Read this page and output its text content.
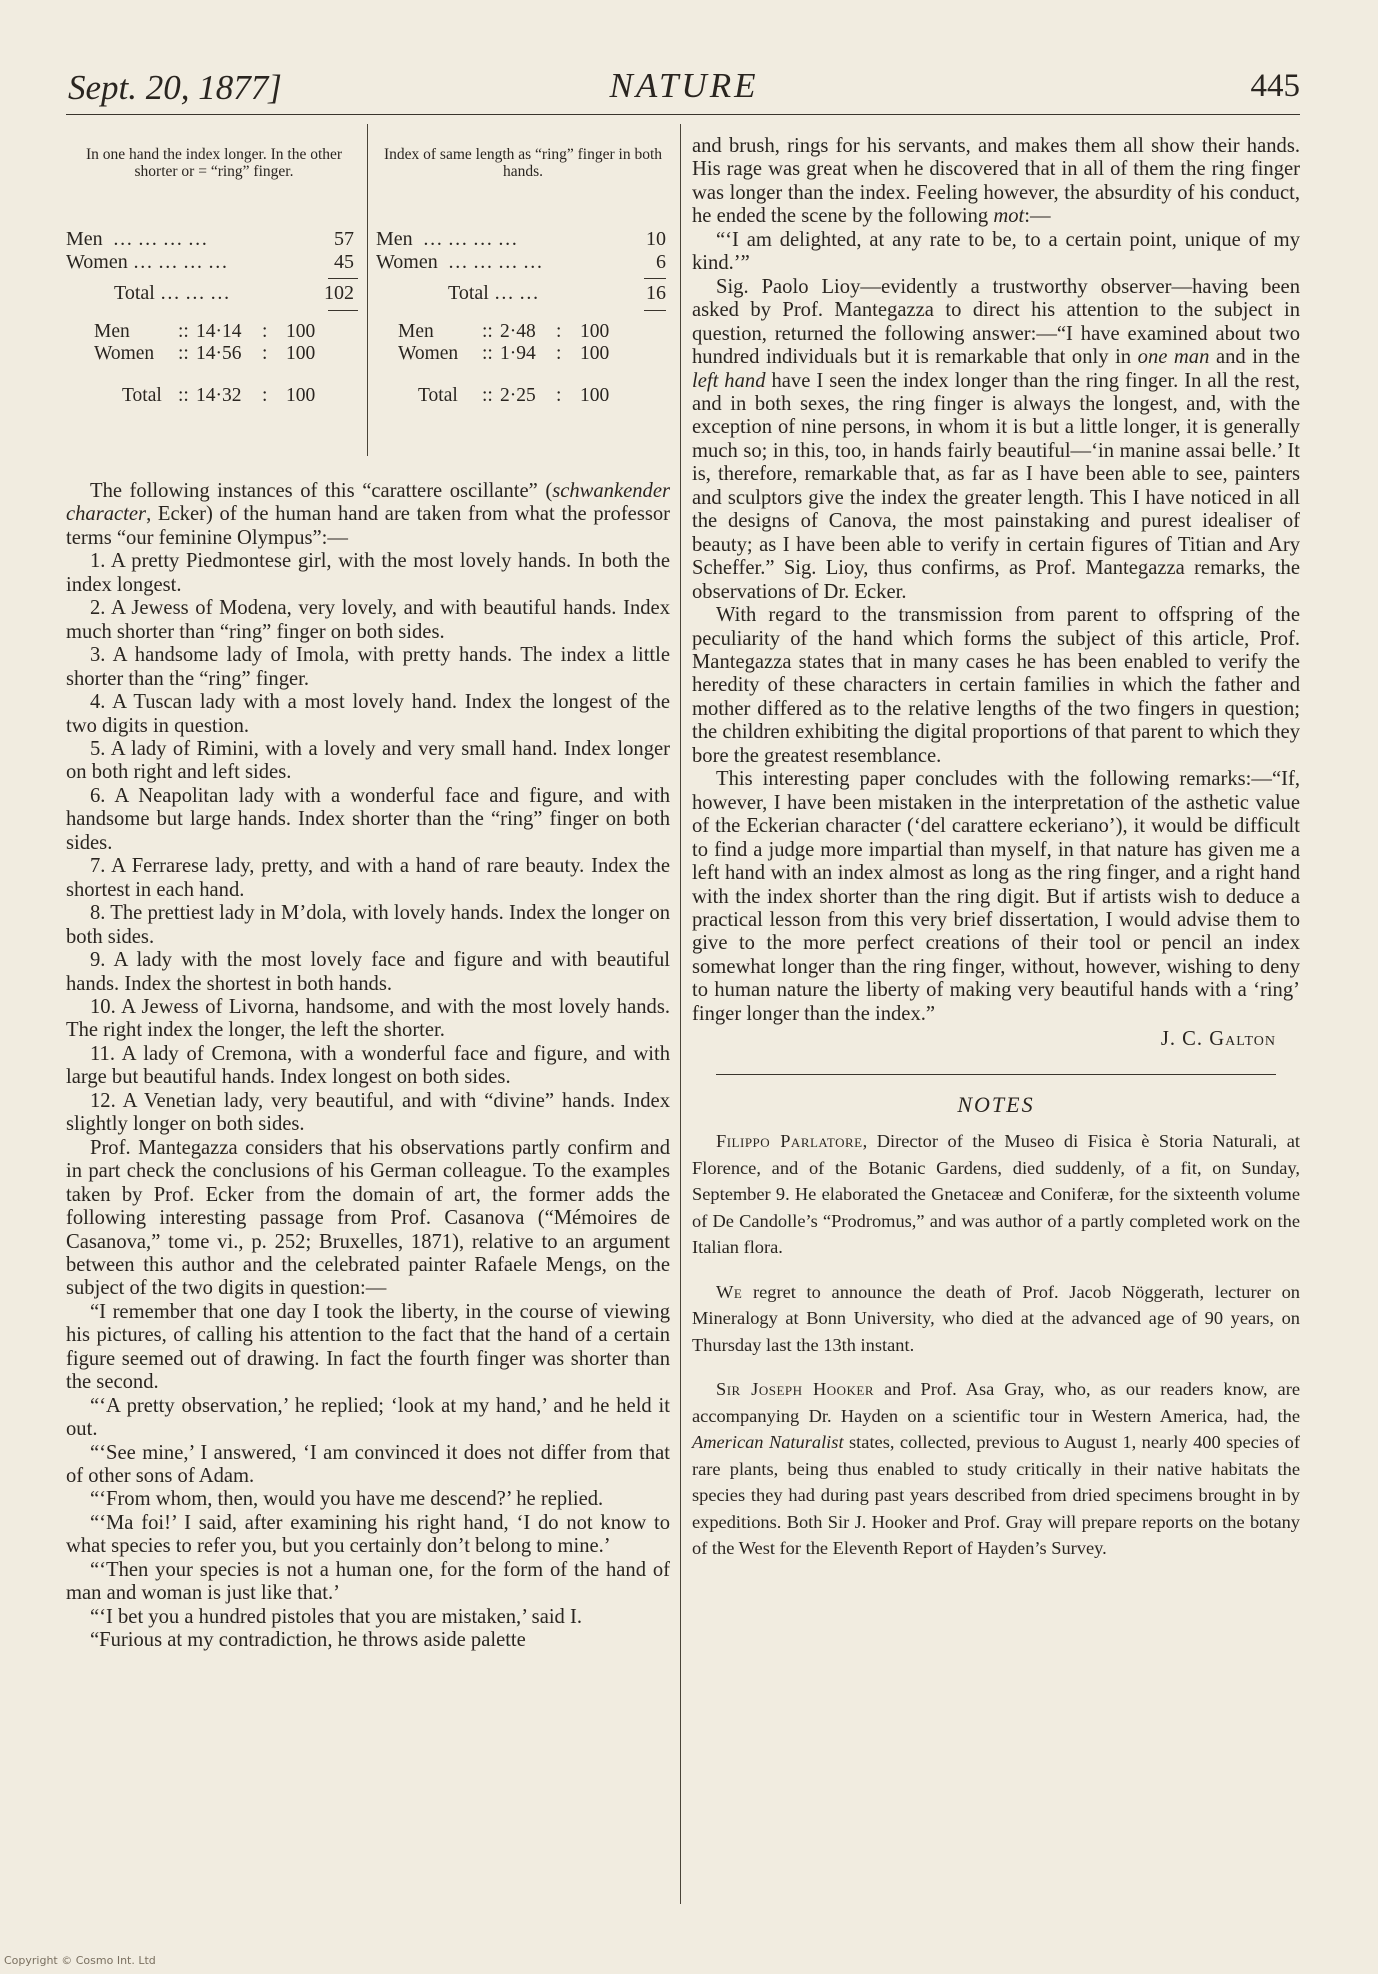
Sept. 20, 1877]	NATURE	445
In one hand the index longer. In the other shorter or = “ring” finger.
Men  … … … …	57
Women … … … …	45
Total … … …	102
Men :: 14·14 : 100
Women :: 14·56 : 100
Total :: 14·32 : 100
Index of same length as “ring” finger in both hands.
Men  … … … …	10
Women  … … … …	6
Total … …	16
Men :: 2·48 : 100
Women :: 1·94 : 100
Total :: 2·25 : 100

The following instances of this “carattere oscillante” (schwankender character, Ecker) of the human hand are taken from what the professor terms “our feminine Olympus”:—

1. A pretty Piedmontese girl, with the most lovely hands. In both the index longest.

2. A Jewess of Modena, very lovely, and with beautiful hands. Index much shorter than “ring” finger on both sides.

3. A handsome lady of Imola, with pretty hands. The index a little shorter than the “ring” finger.

4. A Tuscan lady with a most lovely hand. Index the longest of the two digits in question.

5. A lady of Rimini, with a lovely and very small hand. Index longer on both right and left sides.

6. A Neapolitan lady with a wonderful face and figure, and with handsome but large hands. Index shorter than the “ring” finger on both sides.

7. A Ferrarese lady, pretty, and with a hand of rare beauty. Index the shortest in each hand.

8. The prettiest lady in M’dola, with lovely hands. Index the longer on both sides.

9. A lady with the most lovely face and figure and with beautiful hands. Index the shortest in both hands.

10. A Jewess of Livorna, handsome, and with the most lovely hands. The right index the longer, the left the shorter.

11. A lady of Cremona, with a wonderful face and figure, and with large but beautiful hands. Index longest on both sides.

12. A Venetian lady, very beautiful, and with “divine” hands. Index slightly longer on both sides.

Prof. Mantegazza considers that his observations partly confirm and in part check the conclusions of his German colleague. To the examples taken by Prof. Ecker from the domain of art, the former adds the following interesting passage from Prof. Casanova (“Mémoires de Casanova,” tome vi., p. 252; Bruxelles, 1871), relative to an argument between this author and the celebrated painter Rafaele Mengs, on the subject of the two digits in question:—

“I remember that one day I took the liberty, in the course of viewing his pictures, of calling his attention to the fact that the hand of a certain figure seemed out of drawing. In fact the fourth finger was shorter than the second.

“‘A pretty observation,’ he replied; ‘look at my hand,’ and he held it out.

“‘See mine,’ I answered, ‘I am convinced it does not differ from that of other sons of Adam.

“‘From whom, then, would you have me descend?’ he replied.

“‘Ma foi!’ I said, after examining his right hand, ‘I do not know to what species to refer you, but you certainly don’t belong to mine.’

“‘Then your species is not a human one, for the form of the hand of man and woman is just like that.’

“‘I bet you a hundred pistoles that you are mistaken,’ said I.

“Furious at my contradiction, he throws aside palette

and brush, rings for his servants, and makes them all show their hands. His rage was great when he discovered that in all of them the ring finger was longer than the index. Feeling however, the absurdity of his conduct, he ended the scene by the following mot:—

“‘I am delighted, at any rate to be, to a certain point, unique of my kind.’”

Sig. Paolo Lioy—evidently a trustworthy observer—having been asked by Prof. Mantegazza to direct his attention to the subject in question, returned the following answer:—“I have examined about two hundred individuals but it is remarkable that only in one man and in the left hand have I seen the index longer than the ring finger. In all the rest, and in both sexes, the ring finger is always the longest, and, with the exception of nine persons, in whom it is but a little longer, it is generally much so; in this, too, in hands fairly beautiful—‘in manine assai belle.’ It is, therefore, remarkable that, as far as I have been able to see, painters and sculptors give the index the greater length. This I have noticed in all the designs of Canova, the most painstaking and purest idealiser of beauty; as I have been able to verify in certain figures of Titian and Ary Scheffer.” Sig. Lioy, thus confirms, as Prof. Mantegazza remarks, the observations of Dr. Ecker.

With regard to the transmission from parent to offspring of the peculiarity of the hand which forms the subject of this article, Prof. Mantegazza states that in many cases he has been enabled to verify the heredity of these characters in certain families in which the father and mother differed as to the relative lengths of the two fingers in question; the children exhibiting the digital proportions of that parent to which they bore the greatest resemblance.

This interesting paper concludes with the following remarks:—“If, however, I have been mistaken in the interpretation of the asthetic value of the Eckerian character (‘del carattere eckeriano’), it would be difficult to find a judge more impartial than myself, in that nature has given me a left hand with an index almost as long as the ring finger, and a right hand with the index shorter than the ring digit. But if artists wish to deduce a practical lesson from this very brief dissertation, I would advise them to give to the more perfect creations of their tool or pencil an index somewhat longer than the ring finger, without, however, wishing to deny to human nature the liberty of making very beautiful hands with a ‘ring’ finger longer than the index.”

J. C. Galton
NOTES

Filippo Parlatore, Director of the Museo di Fisica è Storia Naturali, at Florence, and of the Botanic Gardens, died suddenly, of a fit, on Sunday, September 9. He elaborated the Gnetaceæ and Coniferæ, for the sixteenth volume of De Candolle’s “Prodromus,” and was author of a partly completed work on the Italian flora.

We regret to announce the death of Prof. Jacob Nöggerath, lecturer on Mineralogy at Bonn University, who died at the advanced age of 90 years, on Thursday last the 13th instant.

Sir Joseph Hooker and Prof. Asa Gray, who, as our readers know, are accompanying Dr. Hayden on a scientific tour in Western America, had, the American Naturalist states, collected, previous to August 1, nearly 400 species of rare plants, being thus enabled to study critically in their native habitats the species they had during past years described from dried specimens brought in by expeditions. Both Sir J. Hooker and Prof. Gray will prepare reports on the botany of the West for the Eleventh Report of Hayden’s Survey.

Copyright © Cosmo Int. Ltd
